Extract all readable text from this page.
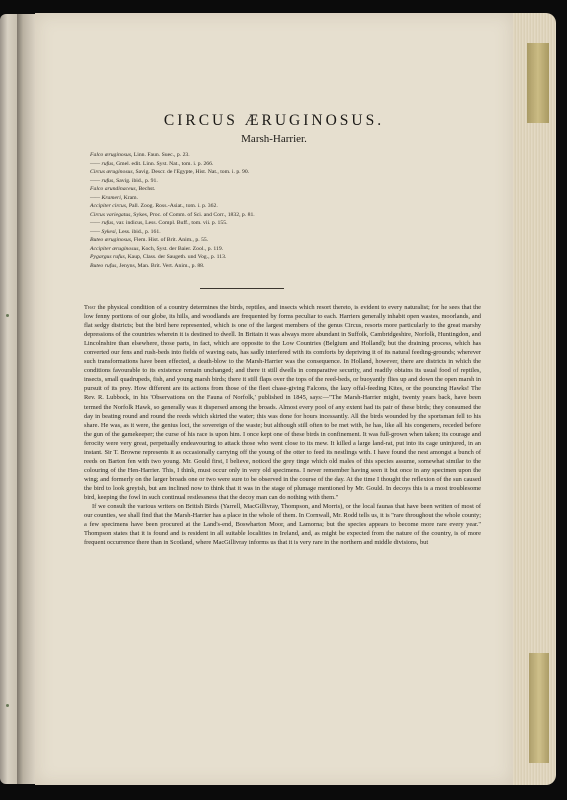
CIRCUS ÆRUGINOSUS.
Marsh-Harrier.
Falco æruginosus, Linn. Faun. Suec., p. 23.
—— rufus, Gmel. edit. Linn. Syst. Nat., tom. i. p. 266.
Circus æruginosus, Savig. Descr. de l'Egypte, Hist. Nat., tom. i. p. 90.
—— rufus, Savig. ibid., p. 91.
Falco arundinaceus, Bechst.
—— Krameri, Kram.
Accipiter circus, Pall. Zoog. Ross.-Asiat., tom. i. p. 362.
Circus variegatus, Sykes, Proc. of Comm. of Sci. and Corr., 1832, p. 81.
—— rufus, var. indicus, Less. Compl. Buff., tom. vii. p. 155.
—— Sykesi, Less. ibid., p. 161.
Buteo æruginosus, Flem. Hist. of Brit. Anim., p. 55.
Accipiter æruginosus, Koch, Syst. der Baier. Zool., p. 119.
Pygargus rufus, Kaup, Class. der Saugeth. und Vog., p. 113.
Buteo rufus, Jenyns, Man. Brit. Vert. Anim., p. 88.

That the physical condition of a country determines the birds, reptiles, and insects which resort thereto, is evident to every naturalist; for he sees that the low fenny portions of our globe, its hills, and woodlands are frequented by forms peculiar to each. Harriers generally inhabit open wastes, moorlands, and flat sedgy districts; but the bird here represented, which is one of the largest members of the genus Circus, resorts more particularly to the great marshy depressions of the countries wherein it is destined to dwell. In Britain it was always more abundant in Suffolk, Cambridgeshire, Norfolk, Huntingdon, and Lincolnshire than elsewhere, those parts, in fact, which are opposite to the Low Countries (Belgium and Holland); but the draining process, which has converted our fens and rush-beds into fields of waving oats, has sadly interfered with its comforts by depriving it of its natural feeding-grounds; wherever such transformations have been effected, a death-blow to the Marsh-Harrier was the consequence. In Holland, however, there are districts in which the conditions favourable to its existence remain unchanged; and there it still dwells in comparative security, and readily obtains its usual food of reptiles, insects, small quadrupeds, fish, and young marsh birds; there it still flaps over the tops of the reed-beds, or buoyantly flies up and down the open marsh in pursuit of its prey. How different are its actions from those of the fleet chase-giving Falcons, the lazy offal-feeding Kites, or the pouncing Hawks! The Rev. R. Lubbock, in his 'Observations on the Fauna of Norfolk,' published in 1845, says:—"The Marsh-Harrier might, twenty years back, have been termed the Norfolk Hawk, so generally was it dispersed among the broads. Almost every pool of any extent had its pair of these birds; they consumed the day in beating round and round the reeds which skirted the water; this was done for hours incessantly. All the birds wounded by the sportsman fell to his share. He was, as it were, the genius loci, the sovereign of the waste; but although still often to be met with, he has, like all his congeners, receded before the gun of the gamekeeper; the curse of his race is upon him. I once kept one of these birds in confinement. It was full-grown when taken; its courage and ferocity were very great, perpetually endeavouring to attack those who went close to its mew. It killed a large land-rat, put into its cage uninjured, in an instant. Sir T. Browne represents it as occasionally carrying off the young of the otter to feed its nestlings with. I have found the nest amongst a bunch of reeds on Barton fen with two young. Mr. Gould first, I believe, noticed the grey tinge which old males of this species assume, somewhat similar to the colouring of the Hen-Harrier. This, I think, must occur only in very old specimens. I never remember having seen it but once in any specimen upon the wing; and formerly on the larger broads one or two were sure to be observed in the course of the day. At the time I thought the reflexion of the sun caused the bird to look greyish, but am inclined now to think that it was in the stage of plumage mentioned by Mr. Gould. In decoys this is a most troublesome bird, keeping the fowl in such continual restlessness that the decoy man can do nothing with them."

If we consult the various writers on British Birds (Yarrell, MacGillivray, Thompson, and Morris), or the local faunas that have been written of most of our counties, we shall find that the Marsh-Harrier has a place in the whole of them. In Cornwall, Mr. Rodd tells us, it is "rare throughout the whole county; a few specimens have been procured at the Land's-end, Boswharton Moor, and Lamorna; but the species appears to become more rare every year." Thompson states that it is found and is resident in all suitable localities in Ireland, and, as might be expected from the nature of the country, is of more frequent occurrence there than in Scotland, where MacGillivray informs us that it is very rare in the northern and middle divisions, but
